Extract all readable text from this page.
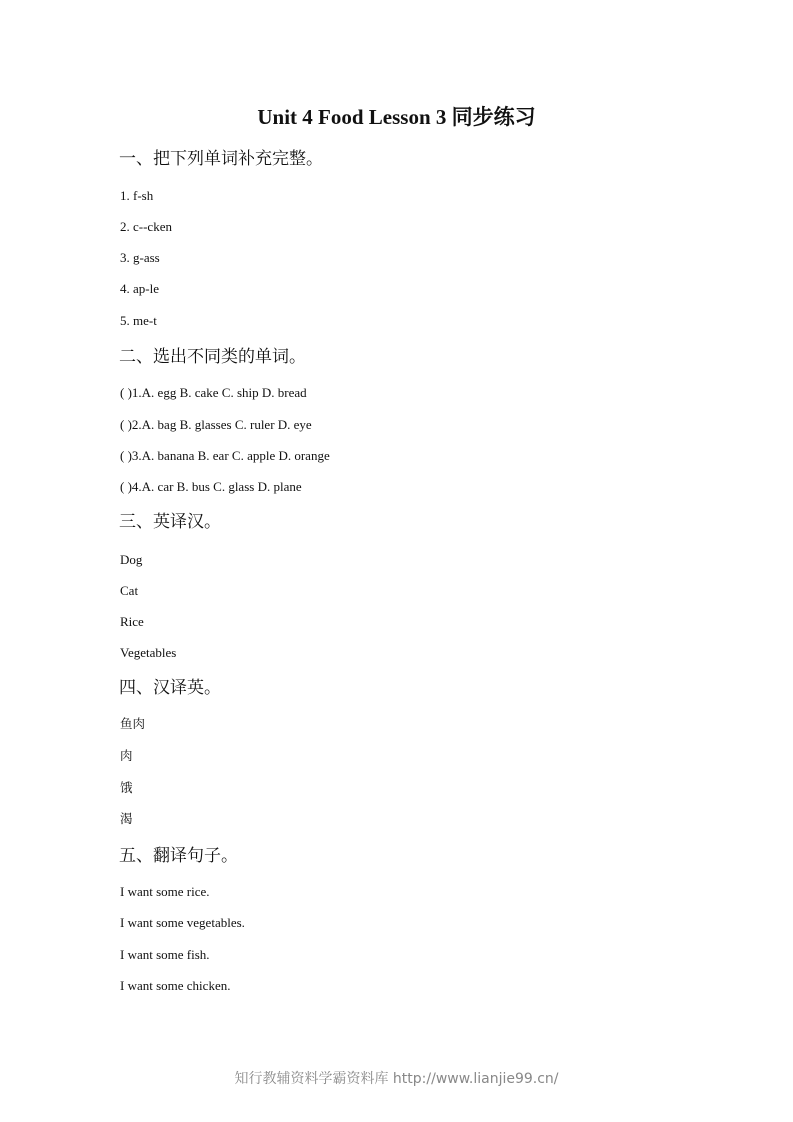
Unit 4 Food Lesson 3 同步练习
一、把下列单词补充完整。

1. f-sh

2. c--cken

3. g-ass

4. ap-le

5. me-t

二、选出不同类的单词。

( )1.A. egg B. cake C. ship D. bread

( )2.A. bag B. glasses C. ruler D. eye

( )3.A. banana B. ear C. apple D. orange

( )4.A. car B. bus C. glass D. plane

三、英译汉。

Dog

Cat

Rice

Vegetables

四、汉译英。

鱼肉

肉

饿

渴

五、翻译句子。

I want some rice.

I want some vegetables.

I want some fish.

I want some chicken.

知行教辅资料学霸资料库 http://www.lianjie99.cn/
